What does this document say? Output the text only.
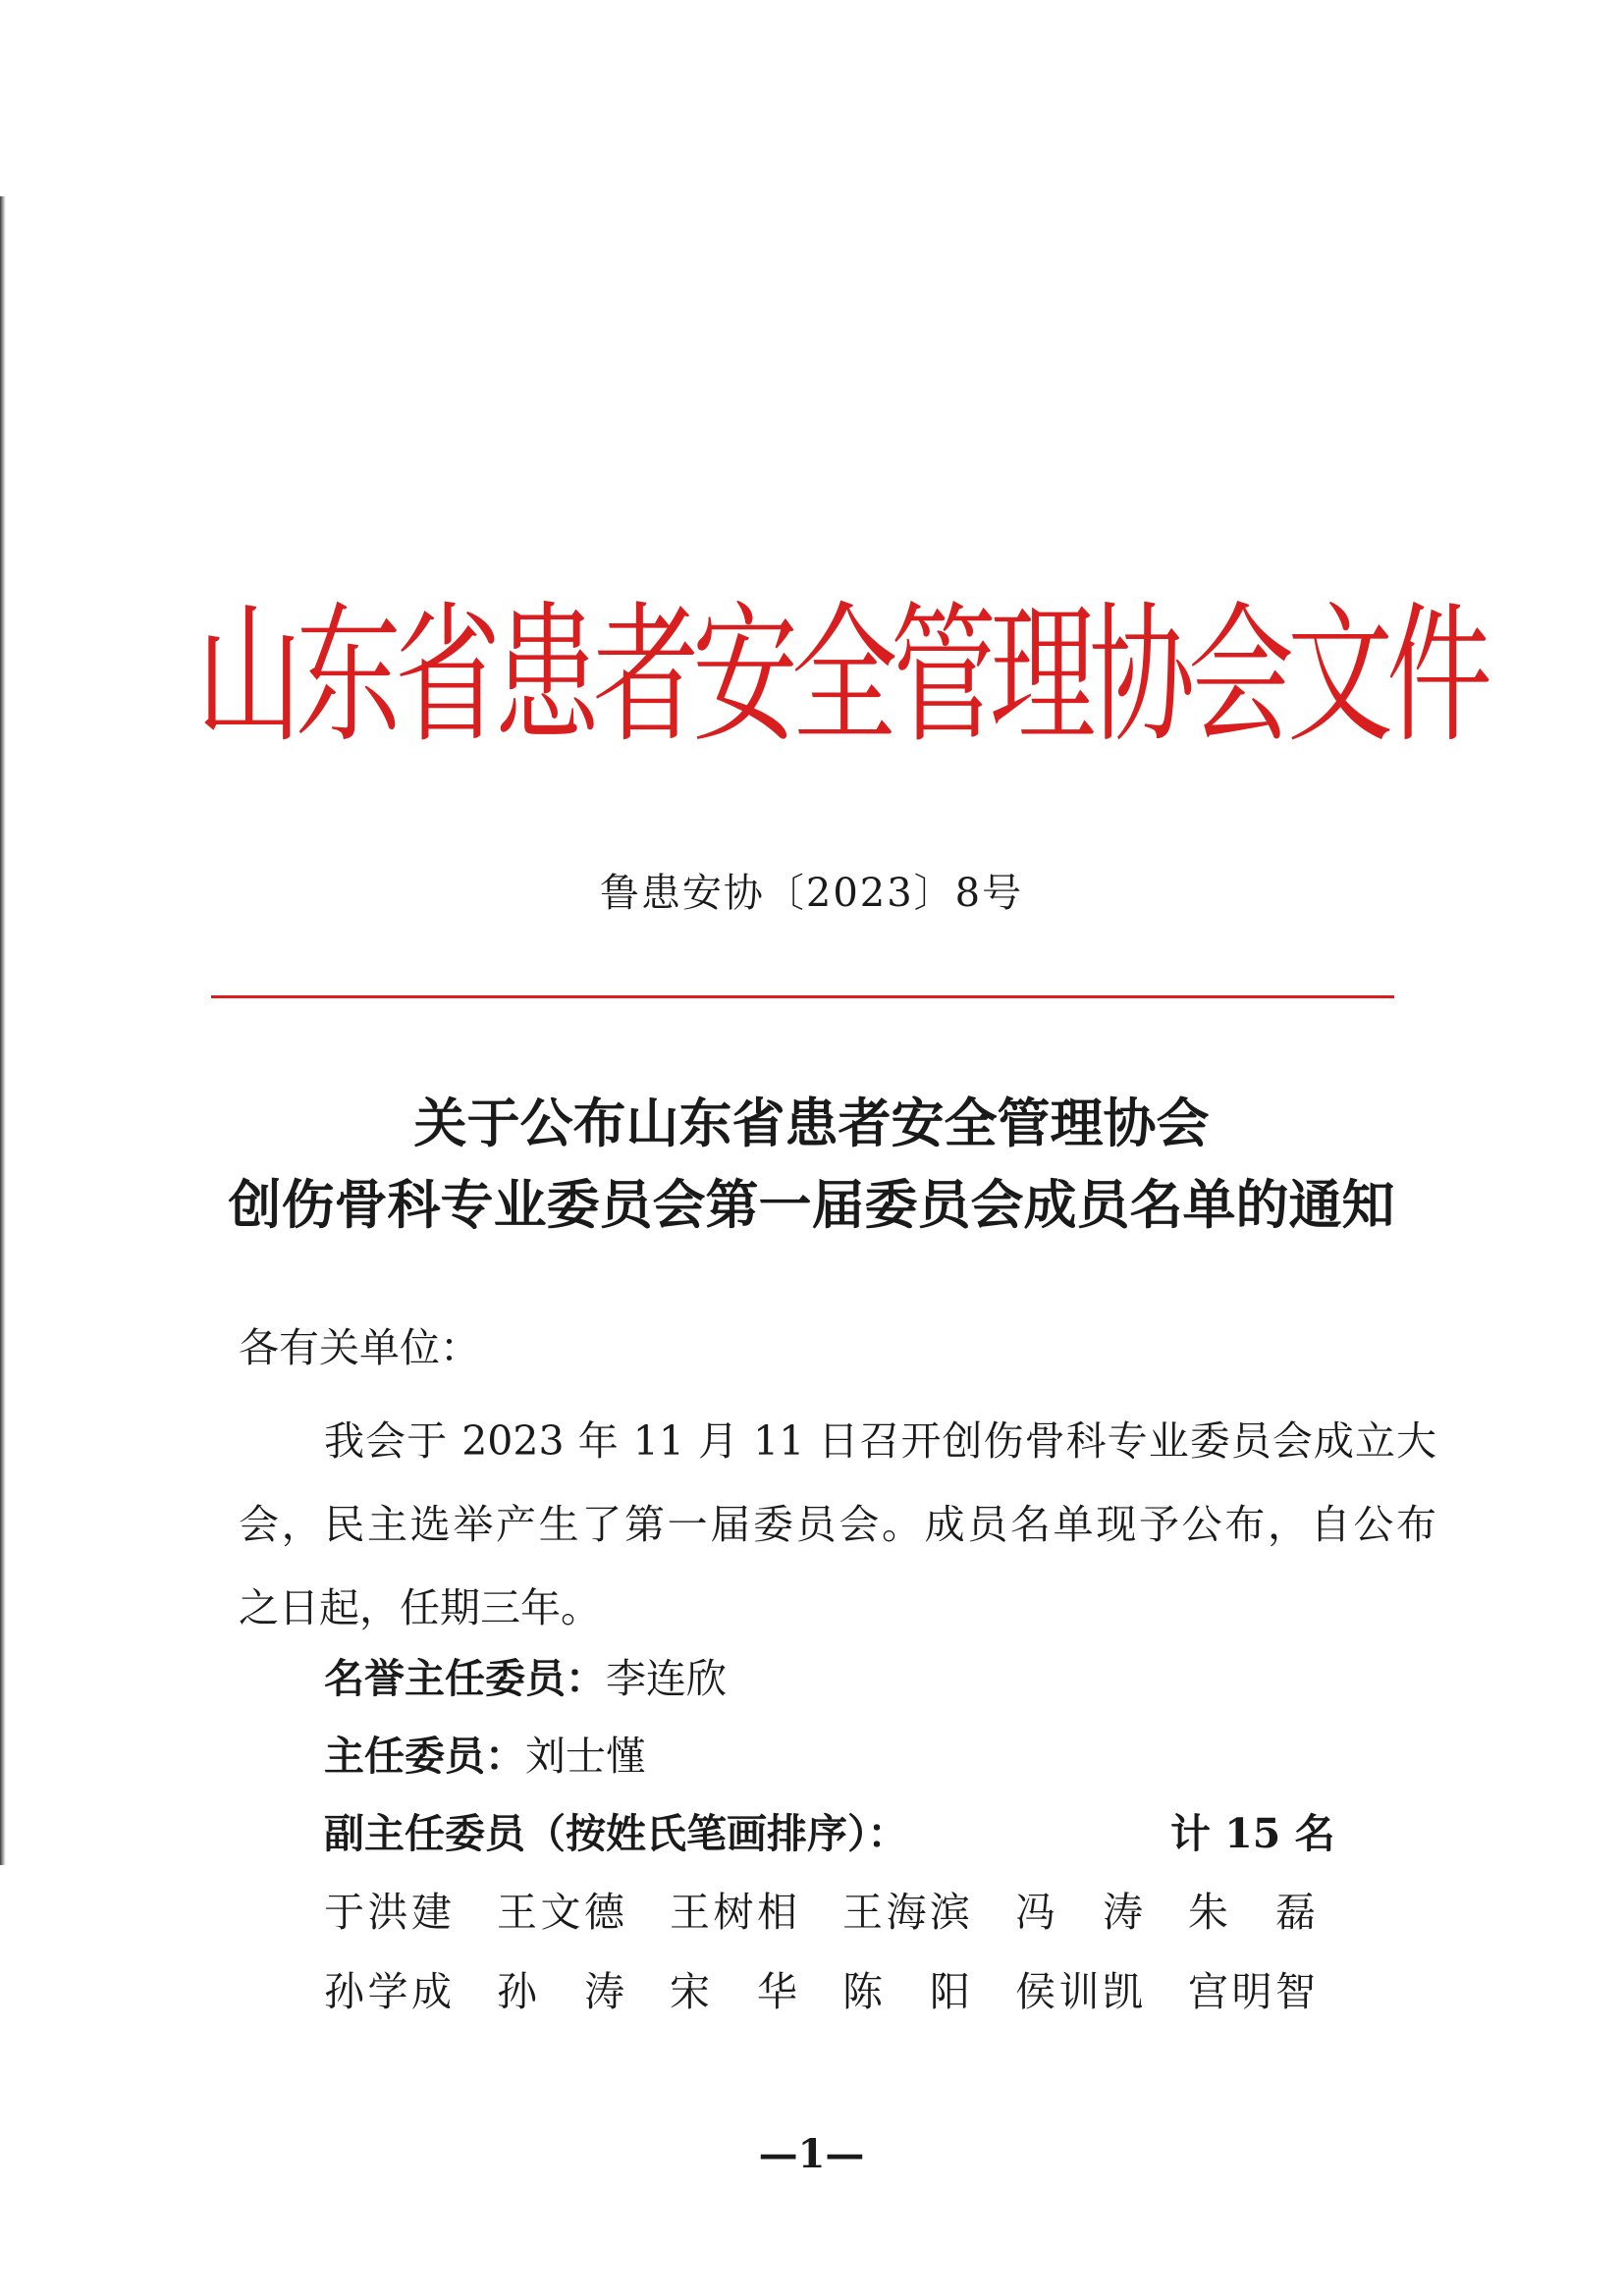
山东省患者安全管理协会文件
鲁患安协〔2023〕8号
关于公布山东省患者安全管理协会
创伤骨科专业委员会第一届委员会成员名单的通知
各有关单位：
我会于 2023 年 11 月 11 日召开创伤骨科专业委员会成立大
会，民主选举产生了第一届委员会。成员名单现予公布，自公布
之日起，任期三年。
名誉主任委员：李连欣
主任委员：刘士慬
副主任委员（按姓氏笔画排序）：	计 15 名
于洪建 王文德 王树相 王海滨 冯 涛 朱 磊
孙学成 孙 涛 宋 华 陈 阳 侯训凯 宫明智
—1—
